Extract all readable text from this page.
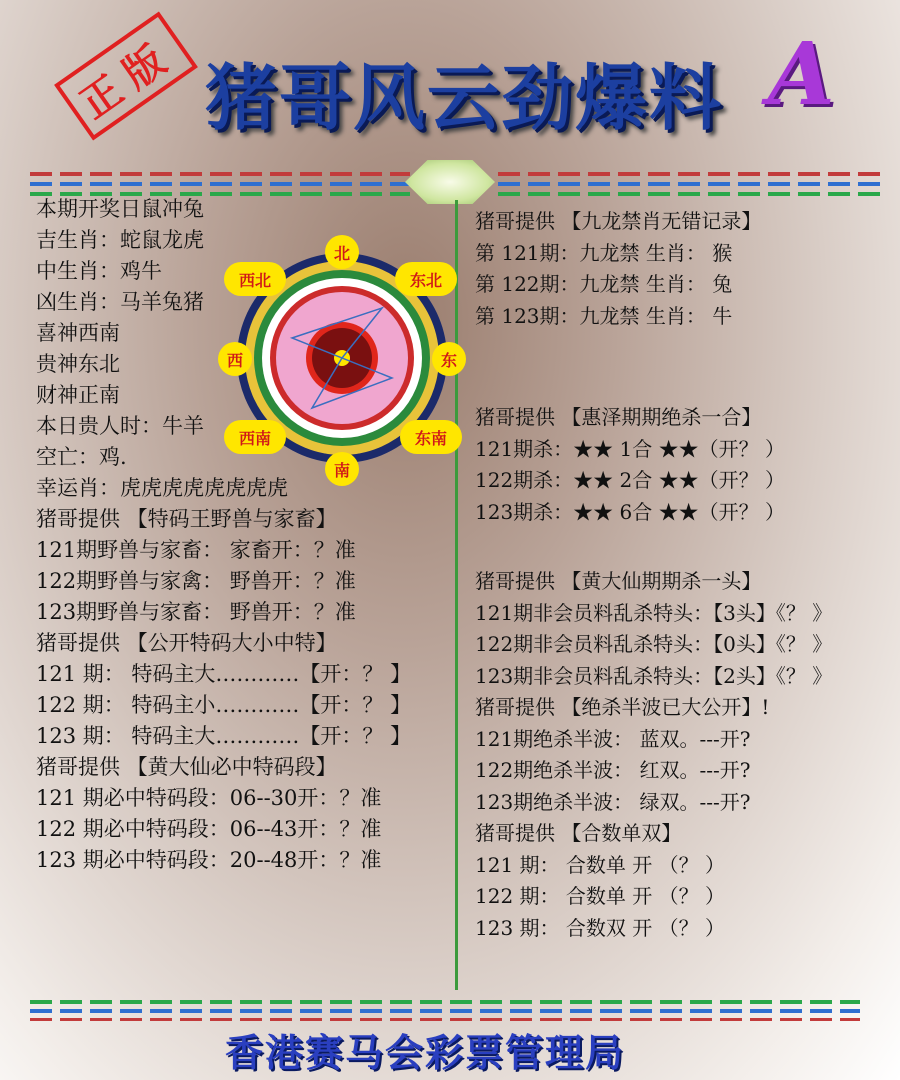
正版 猪哥风云劲爆料 A
北
东北
东
东南
南
西南
西
西北
本期开奖日鼠冲兔
吉生肖：蛇鼠龙虎
中生肖：鸡牛
凶生肖：马羊兔猪
喜神西南
贵神东北
财神正南
本日贵人时：牛羊
空亡：鸡.
幸运肖：虎虎虎虎虎虎虎虎
猪哥提供 【特码王野兽与家畜】
121期野兽与家畜： 家畜开：？准
122期野兽与家禽： 野兽开：？准
123期野兽与家畜： 野兽开：？准
猪哥提供 【公开特码大小中特】
121 期： 特码主大…………【开：？ 】
122 期： 特码主小…………【开：？ 】
123 期： 特码主大…………【开：？ 】
猪哥提供 【黄大仙必中特码段】
121 期必中特码段：06--30开：？准
122 期必中特码段：06--43开：？准
123 期必中特码段：20--48开：？准
猪哥提供 【九龙禁肖无错记录】
第 121期：九龙禁 生肖： 猴
第 122期：九龙禁 生肖： 兔
第 123期：九龙禁 生肖： 牛
猪哥提供 【惠泽期期绝杀一合】
121期杀：★★ 1合 ★★（开？ ）
122期杀：★★ 2合 ★★（开？ ）
123期杀：★★ 6合 ★★（开？ ）
猪哥提供 【黄大仙期期杀一头】
121期非会员料乱杀特头：【3头】《？ 》
122期非会员料乱杀特头：【0头】《？ 》
123期非会员料乱杀特头：【2头】《？ 》
猪哥提供 【绝杀半波已大公开】!
121期绝杀半波： 蓝双。---开?
122期绝杀半波： 红双。---开?
123期绝杀半波： 绿双。---开?
猪哥提供 【合数单双】
121 期： 合数单 开 （？ ）
122 期： 合数单 开 （？ ）
123 期： 合数双 开 （？ ）
香港赛马会彩票管理局
